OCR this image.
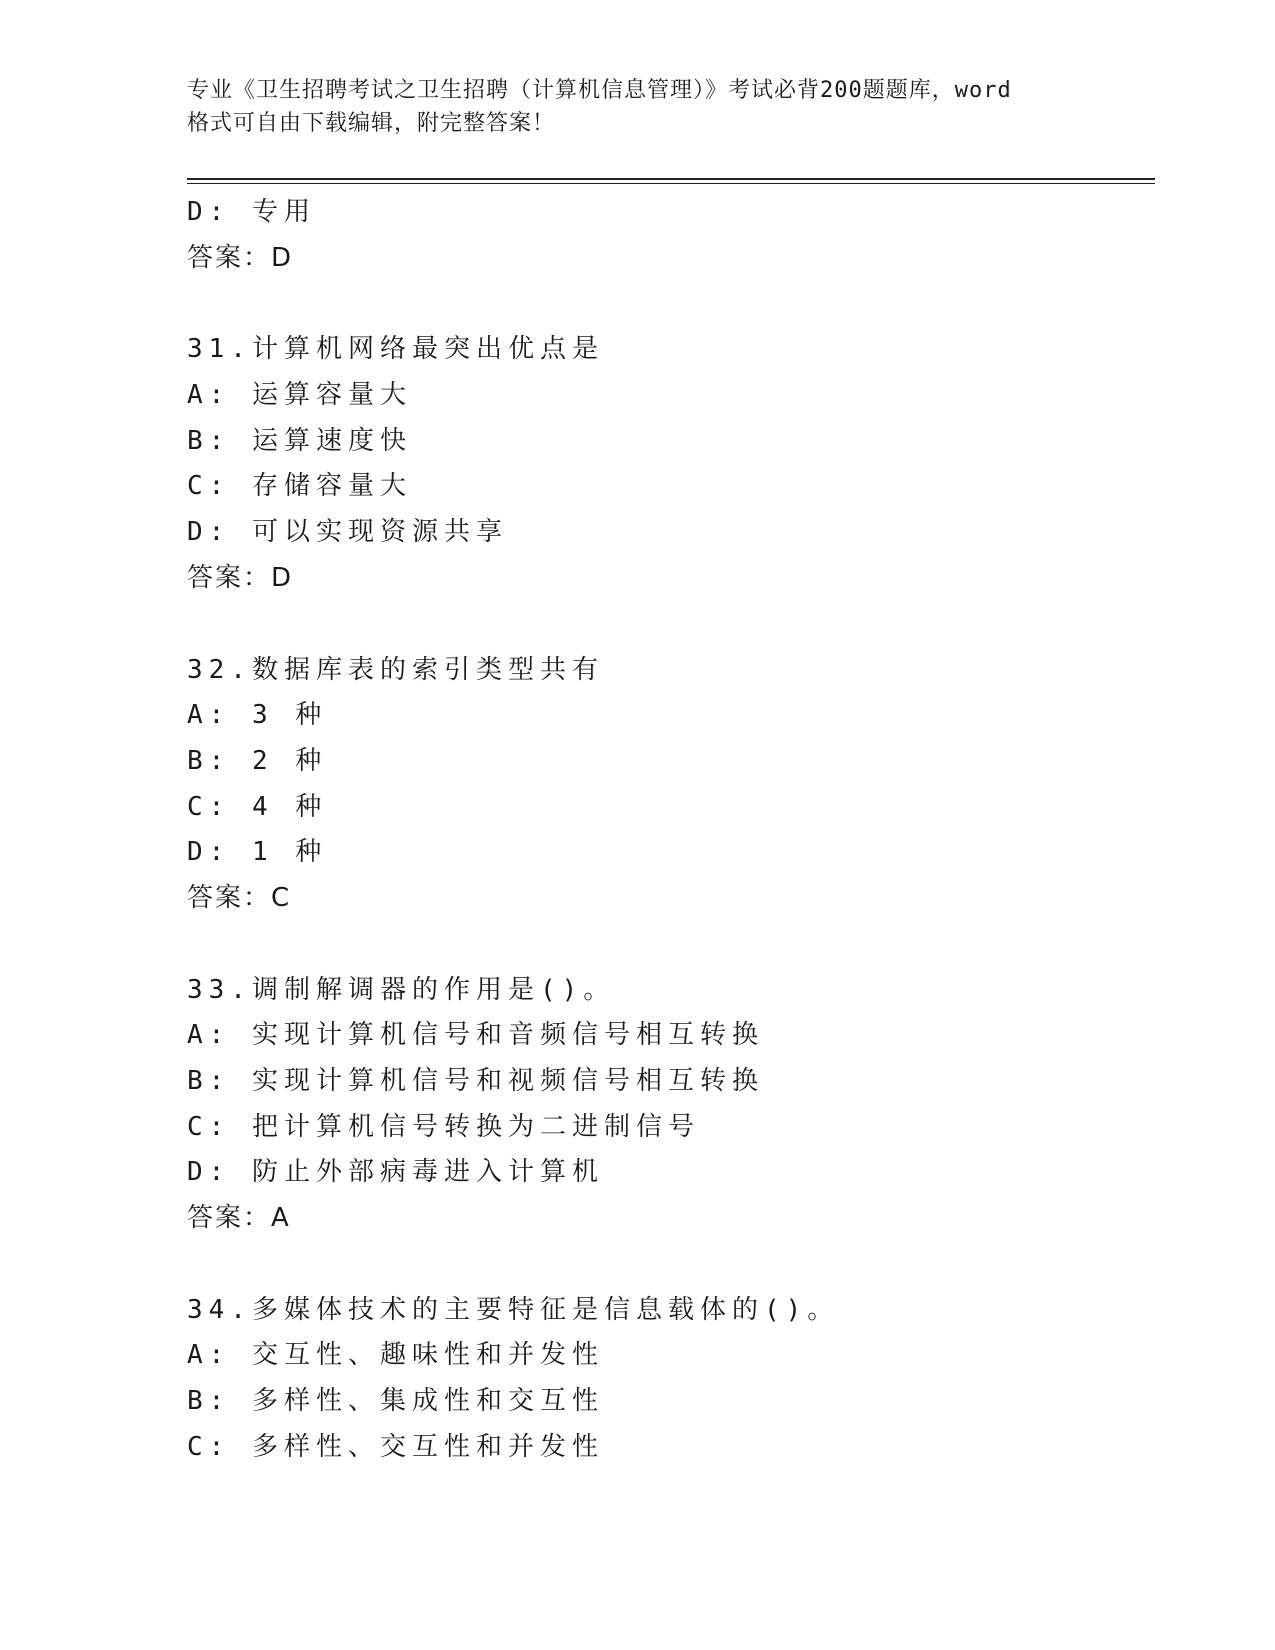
专业《卫生招聘考试之卫生招聘（计算机信息管理）》考试必背200题题库，word
格式可自由下载编辑，附完整答案！
D: 专用
答案：D
31.计算机网络最突出优点是
A: 运算容量大
B: 运算速度快
C: 存储容量大
D: 可以实现资源共享
答案：D
32.数据库表的索引类型共有
A: 3 种
B: 2 种
C: 4 种
D: 1 种
答案：C
33.调制解调器的作用是()。
A: 实现计算机信号和音频信号相互转换
B: 实现计算机信号和视频信号相互转换
C: 把计算机信号转换为二进制信号
D: 防止外部病毒进入计算机
答案：A
34.多媒体技术的主要特征是信息载体的()。
A: 交互性、趣味性和并发性
B: 多样性、集成性和交互性
C: 多样性、交互性和并发性
